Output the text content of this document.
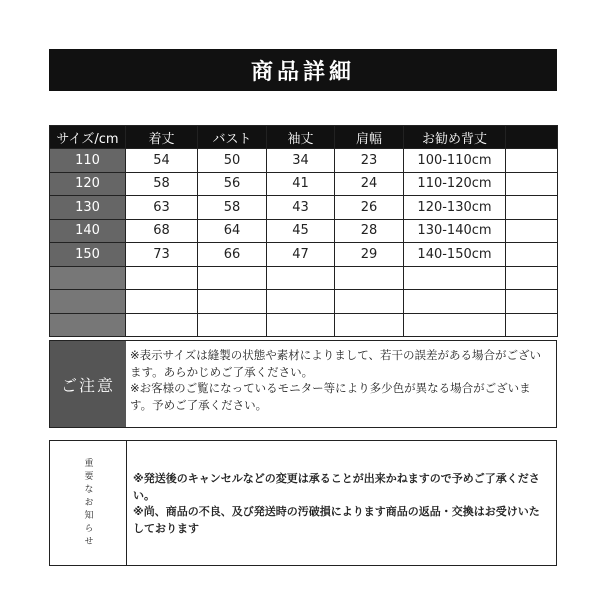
商品詳細
サイズ/cm	着丈	バスト	袖丈	肩幅	お勧め背丈	
110	54	50	34	23	100-110cm	
120	58	56	41	24	110-120cm	
130	63	58	43	26	120-130cm	
140	68	64	45	28	130-140cm	
150	73	66	47	29	140-150cm	

ご注意
※表示サイズは縫製の状態や素材によりまして、若干の誤差がある場合がございます。あらかじめご了承ください。
※お客様のご覧になっているモニター等により多少色が異なる場合がございます。予めご了承ください。
重要なお知らせ	※発送後のキャンセルなどの変更は承ることが出来かねますので予めご了承ください。
※尚、商品の不良、及び発送時の汚破損によります商品の返品・交換はお受けいたしております
